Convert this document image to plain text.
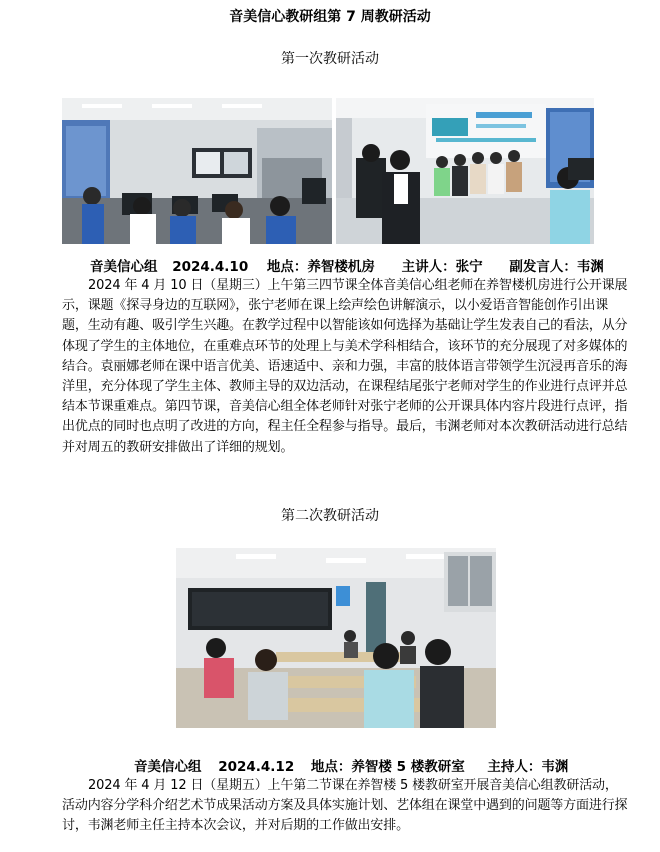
音美信心教研组第 7 周教研活动
第一次教研活动
音美信心组 2024.4.10 地点：养智楼机房 主讲人：张宁 副发言人：韦渊

2024 年 4 月 10 日（星期三）上午第三四节课全体音美信心组老师在养智楼机房进行公开课展示，课题《探寻身边的互联网》，张宁老师在课上绘声绘色讲解演示，以小爱语音智能创作引出课题，生动有趣、吸引学生兴趣。在教学过程中以智能该如何选择为基础让学生发表自己的看法，从分体现了学生的主体地位，在重难点环节的处理上与美术学科相结合，该环节的充分展现了对多媒体的结合。袁丽娜老师在课中语言优美、语速适中、亲和力强，丰富的肢体语言带领学生沉浸再音乐的海洋里，充分体现了学生主体、教师主导的双边活动，在课程结尾张宁老师对学生的作业进行点评并总结本节课重难点。第四节课，音美信心组全体老师针对张宁老师的公开课具体内容片段进行点评，指出优点的同时也点明了改进的方向，程主任全程参与指导。最后，韦渊老师对本次教研活动进行总结并对周五的教研安排做出了详细的规划。

第二次教研活动
音美信心组 2024.4.12 地点：养智楼 5 楼教研室 主持人：韦渊

2024 年 4 月 12 日（星期五）上午第二节课在养智楼 5 楼教研室开展音美信心组教研活动，活动内容分学科介绍艺术节成果活动方案及具体实施计划、艺体组在课堂中遇到的问题等方面进行探讨，韦渊老师主任主持本次会议，并对后期的工作做出安排。
